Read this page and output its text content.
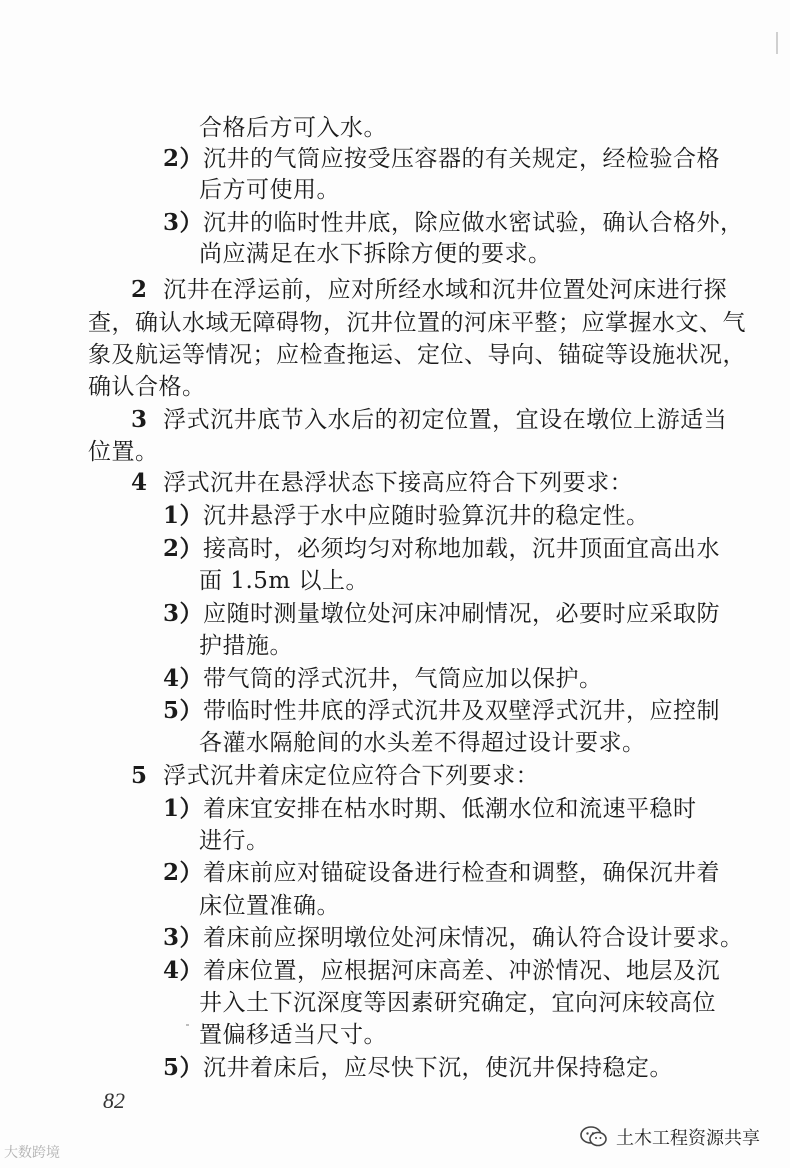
合格后方可入水。
2）沉井的气筒应按受压容器的有关规定，经检验合格
后方可使用。
3）沉井的临时性井底，除应做水密试验，确认合格外，
尚应满足在水下拆除方便的要求。
2 沉井在浮运前，应对所经水域和沉井位置处河床进行探
查，确认水域无障碍物，沉井位置的河床平整；应掌握水文、气
象及航运等情况；应检查拖运、定位、导向、锚碇等设施状况，
确认合格。
3 浮式沉井底节入水后的初定位置，宜设在墩位上游适当
位置。
4 浮式沉井在悬浮状态下接高应符合下列要求：
1）沉井悬浮于水中应随时验算沉井的稳定性。
2）接高时，必须均匀对称地加载，沉井顶面宜高出水
面 1.5m 以上。
3）应随时测量墩位处河床冲刷情况，必要时应采取防
护措施。
4）带气筒的浮式沉井，气筒应加以保护。
5）带临时性井底的浮式沉井及双壁浮式沉井，应控制
各灌水隔舱间的水头差不得超过设计要求。
5 浮式沉井着床定位应符合下列要求：
1）着床宜安排在枯水时期、低潮水位和流速平稳时
进行。
2）着床前应对锚碇设备进行检查和调整，确保沉井着
床位置准确。
3）着床前应探明墩位处河床情况，确认符合设计要求。
4）着床位置，应根据河床高差、冲淤情况、地层及沉
井入土下沉深度等因素研究确定，宜向河床较高位
置偏移适当尺寸。
5）沉井着床后，应尽快下沉，使沉井保持稳定。
82
大数跨境
土木工程资源共享
